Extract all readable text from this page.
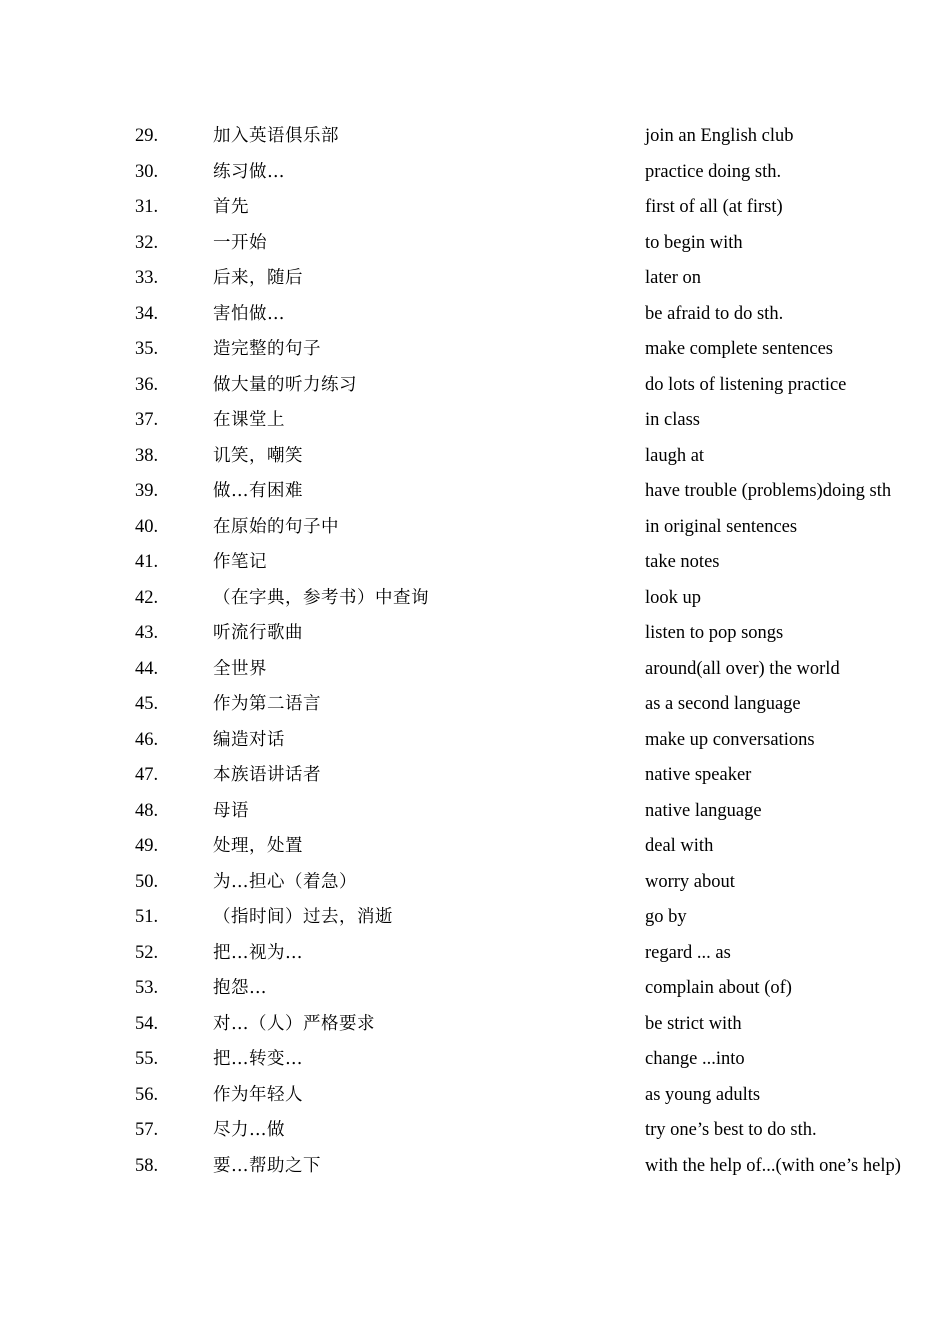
29.	加入英语俱乐部	join an English club
30.	练习做…	practice doing sth.
31.	首先	first of all (at first)
32.	一开始	to begin with
33.	后来，随后	later on
34.	害怕做…	be afraid to do sth.
35.	造完整的句子	make complete sentences
36.	做大量的听力练习	do lots of listening practice
37.	在课堂上	in class
38.	讥笑，嘲笑	laugh at
39.	做…有困难	have trouble (problems)doing sth
40.	在原始的句子中	in original sentences
41.	作笔记	take notes
42.	（在字典，参考书）中查询	look up
43.	听流行歌曲	listen to pop songs
44.	全世界	around(all over) the world
45.	作为第二语言	as a second language
46.	编造对话	make up conversations
47.	本族语讲话者	native speaker
48.	母语	native language
49.	处理，处置	deal with
50.	为…担心（着急）	worry about
51.	（指时间）过去，消逝	go by
52.	把…视为…	regard ... as
53.	抱怨…	complain about (of)
54.	对…（人）严格要求	be strict with
55.	把…转变…	change ...into
56.	作为年轻人	as young adults
57.	尽力…做	try one’s best to do sth.
58.	要…帮助之下	with the help of...(with one’s help)
